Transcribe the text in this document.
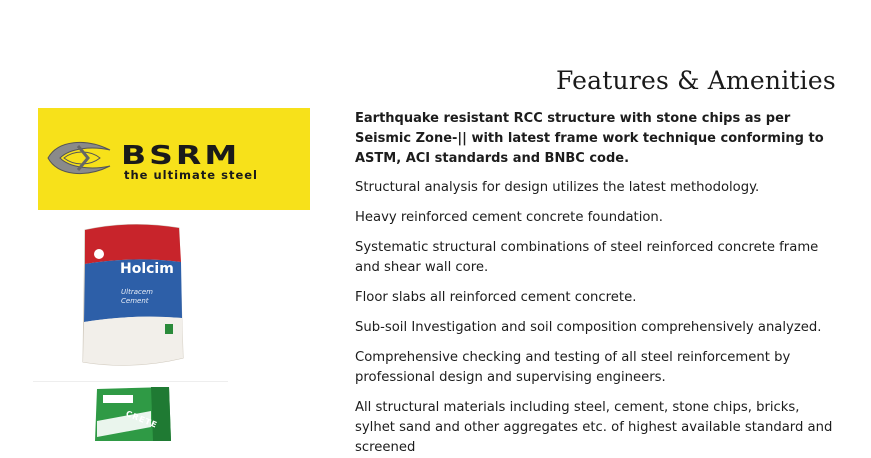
Features & Amenities
BSRM
the ultimate steel
Holcim
Ultracem
Cement
CRETE
Earthquake resistant RCC structure with stone chips as per Seismic Zone-|| with latest frame work technique conforming to ASTM, ACI standards and BNBC code.
Structural analysis for design utilizes the latest methodology.
Heavy reinforced cement concrete foundation.
Systematic structural combinations of steel reinforced concrete frame and shear wall core.
Floor slabs all reinforced cement concrete.
Sub-soil Investigation and soil composition comprehensively analyzed.
Comprehensive checking and testing of all steel reinforcement by professional design and supervising engineers.
All structural materials including steel, cement, stone chips, bricks, sylhet sand and other aggregates etc. of highest available standard and screened
